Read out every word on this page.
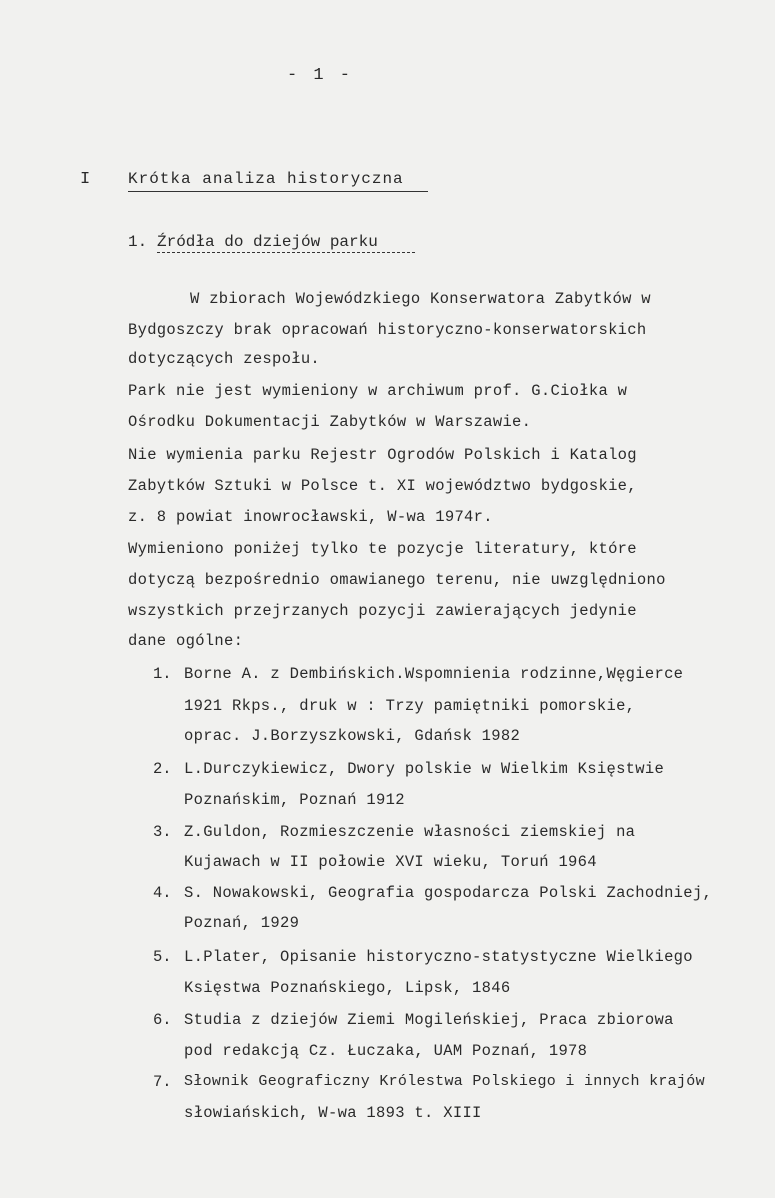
- 1 -
I Krótka analiza historyczna
1. Źródła do dziejów parku
W zbiorach Wojewódzkiego Konserwatora Zabytków w
Bydgoszczy brak opracowań historyczno-konserwatorskich
dotyczących zespołu.
Park nie jest wymieniony w archiwum prof. G.Ciołka w
Ośrodku Dokumentacji Zabytków w Warszawie.
Nie wymienia parku Rejestr Ogrodów Polskich i Katalog
Zabytków Sztuki w Polsce t. XI województwo bydgoskie,
z. 8 powiat inowrocławski, W-wa 1974r.
Wymieniono poniżej tylko te pozycje literatury, które
dotyczą bezpośrednio omawianego terenu, nie uwzględniono
wszystkich przejrzanych pozycji zawierających jedynie
dane ogólne:
1. Borne A. z Dembińskich.Wspomnienia rodzinne,Węgierce
1921 Rkps., druk w : Trzy pamiętniki pomorskie,
oprac. J.Borzyszkowski, Gdańsk 1982
2. L.Durczykiewicz, Dwory polskie w Wielkim Księstwie
Poznańskim, Poznań 1912
3. Z.Guldon, Rozmieszczenie własności ziemskiej na
Kujawach w II połowie XVI wieku, Toruń 1964
4. S. Nowakowski, Geografia gospodarcza Polski Zachodniej,
Poznań, 1929
5. L.Plater, Opisanie historyczno-statystyczne Wielkiego
Księstwa Poznańskiego, Lipsk, 1846
6. Studia z dziejów Ziemi Mogileńskiej, Praca zbiorowa
pod redakcją Cz. Łuczaka, UAM Poznań, 1978
7. Słownik Geograficzny Królestwa Polskiego i innych krajów
słowiańskich, W-wa 1893 t. XIII
